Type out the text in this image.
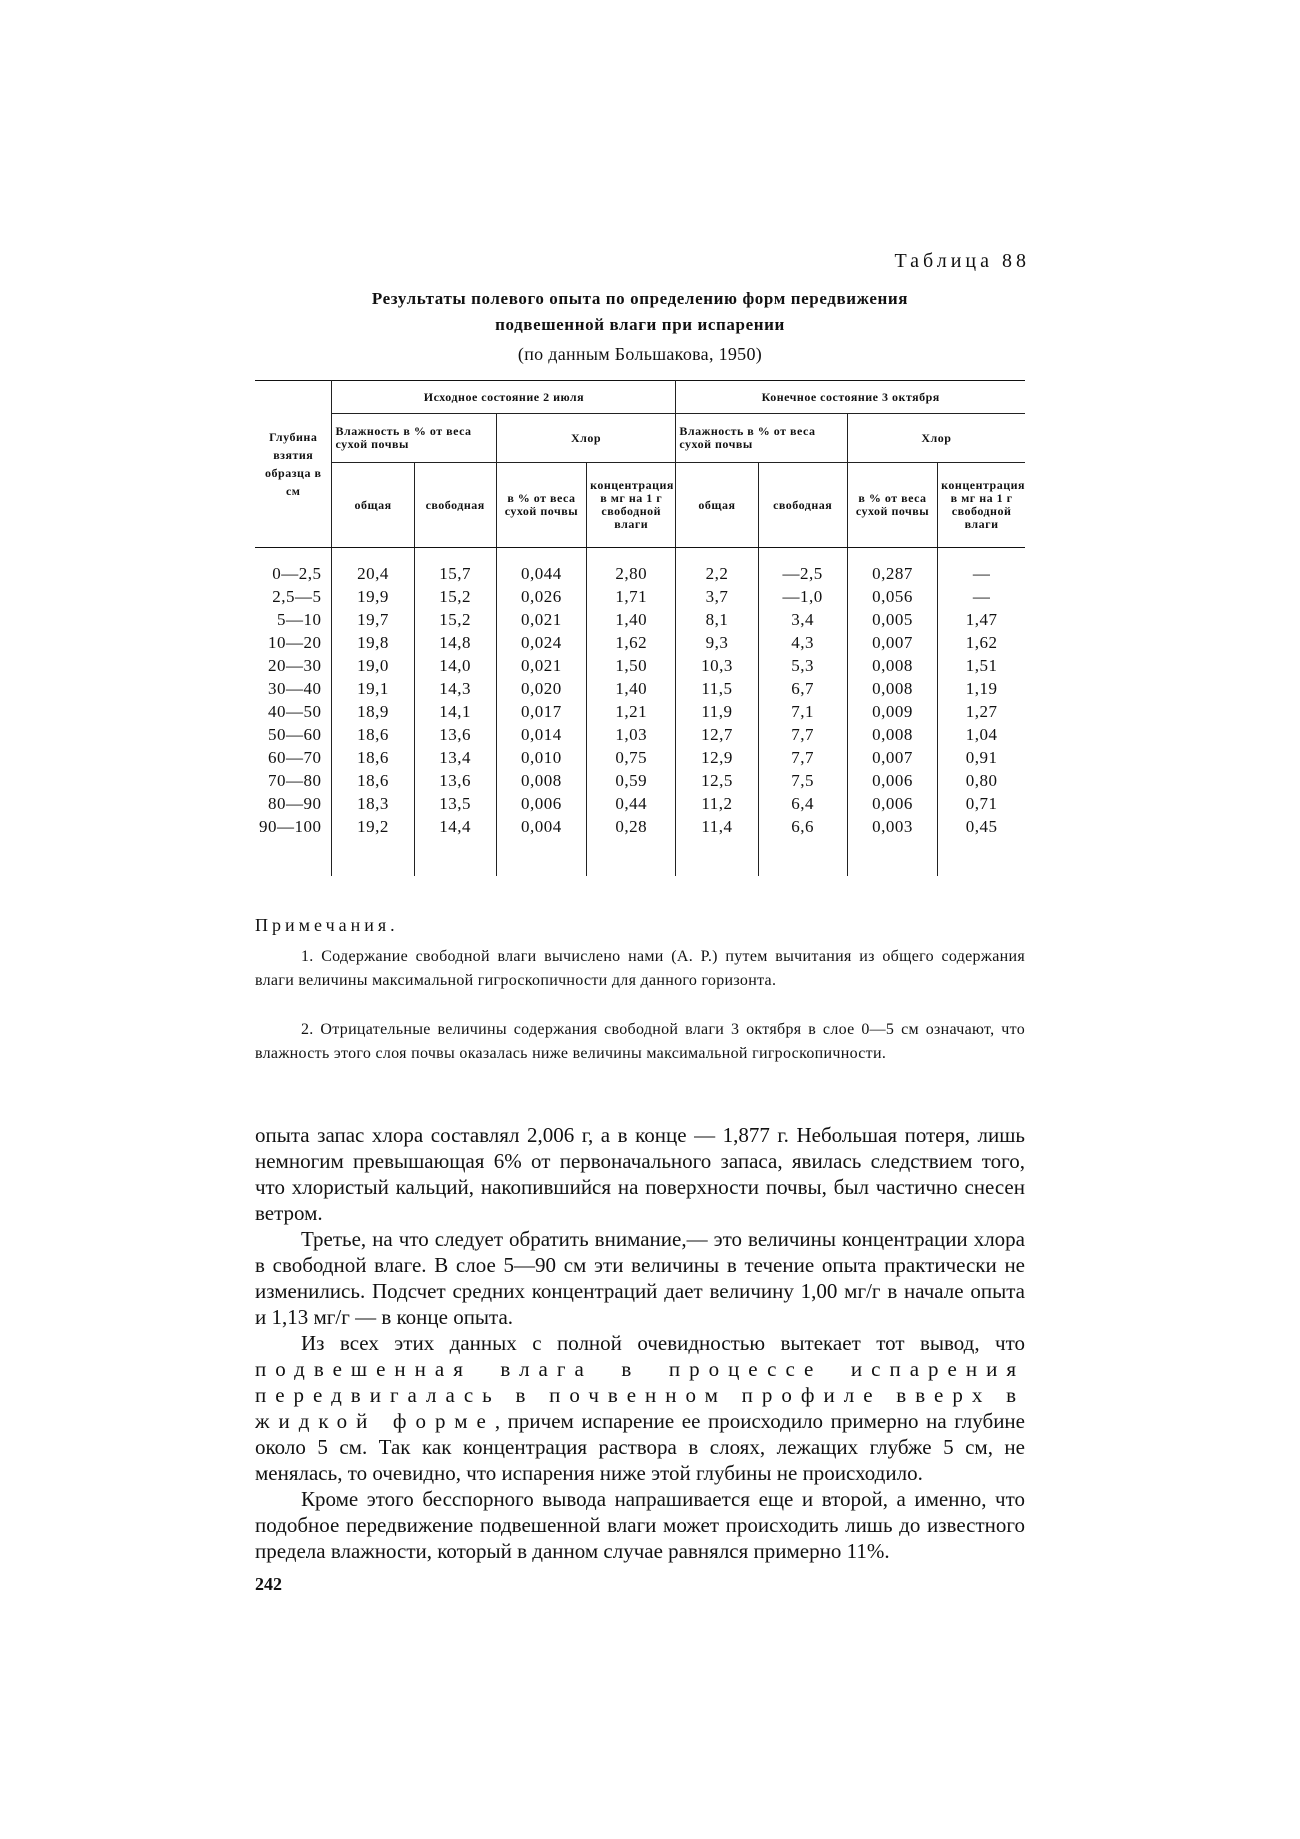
Таблица 88
Результаты полевого опыта по определению форм передвижения
подвешенной влаги при испарении
(по данным Большакова, 1950)
Глубина взятия образца в см	Исходное состояние 2 июля				Конечное состояние 3 октября			
	Влажность в % от веса сухой почвы		Хлор		Влажность в % от веса сухой почвы		Хлор	
	общая	свободная	в % от веса сухой почвы	концентрация в мг на 1 г свободной влаги	общая	свободная	в % от веса сухой почвы	концентрация в мг на 1 г свободной влаги

0—2,5	20,4	15,7	0,044	2,80	2,2	—2,5	0,287	—
2,5—5	19,9	15,2	0,026	1,71	3,7	—1,0	0,056	—
5—10	19,7	15,2	0,021	1,40	8,1	3,4	0,005	1,47
10—20	19,8	14,8	0,024	1,62	9,3	4,3	0,007	1,62
20—30	19,0	14,0	0,021	1,50	10,3	5,3	0,008	1,51
30—40	19,1	14,3	0,020	1,40	11,5	6,7	0,008	1,19
40—50	18,9	14,1	0,017	1,21	11,9	7,1	0,009	1,27
50—60	18,6	13,6	0,014	1,03	12,7	7,7	0,008	1,04
60—70	18,6	13,4	0,010	0,75	12,9	7,7	0,007	0,91
70—80	18,6	13,6	0,008	0,59	12,5	7,5	0,006	0,80
80—90	18,3	13,5	0,006	0,44	11,2	6,4	0,006	0,71
90—100	19,2	14,4	0,004	0,28	11,4	6,6	0,003	0,45

Примечания.
1. Содержание свободной влаги вычислено нами (А. Р.) путем вычитания из общего содержания влаги величины максимальной гигроскопичности для данного горизонта.
2. Отрицательные величины содержания свободной влаги 3 октября в слое 0—5 см означают, что влажность этого слоя почвы оказалась ниже величины максимальной гигроскопичности.

опыта запас хлора составлял 2,006 г, а в конце — 1,877 г. Небольшая потеря, лишь немногим превышающая 6% от первоначального запаса, явилась следствием того, что хлористый кальций, накопившийся на поверхности почвы, был частично снесен ветром.

Третье, на что следует обратить внимание,— это величины концентрации хлора в свободной влаге. В слое 5—90 см эти величины в течение опыта практически не изменились. Подсчет средних концентраций дает величину 1,00 мг/г в начале опыта и 1,13 мг/г — в конце опыта.

Из всех этих данных с полной очевидностью вытекает тот вывод, что подвешенная влага в процессе испарения передвигалась в почвенном профиле вверх в жидкой форме, причем испарение ее происходило примерно на глубине около 5 см. Так как концентрация раствора в слоях, лежащих глубже 5 см, не менялась, то очевидно, что испарения ниже этой глубины не происходило.

Кроме этого бесспорного вывода напрашивается еще и второй, а именно, что подобное передвижение подвешенной влаги может происходить лишь до известного предела влажности, который в данном случае равнялся примерно 11%.

242
